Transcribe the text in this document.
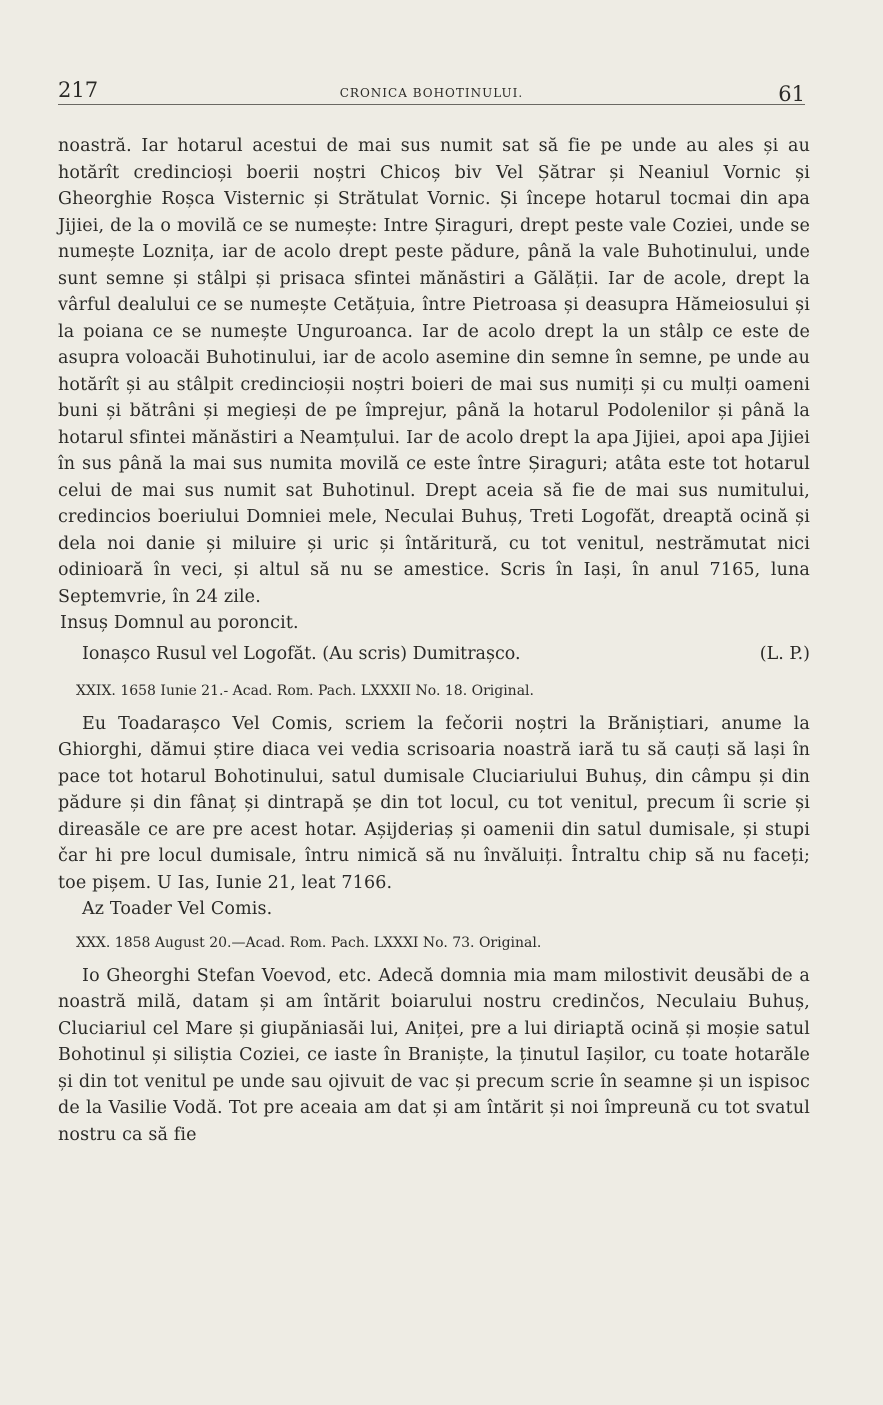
217	CRONICA BOHOTINULUI.	61

noastră. Iar hotarul acestui de mai sus numit sat să fie pe unde au ales și au hotărît credincioși boerii noștri Chicoș biv Vel Șătrar și Neaniul Vornic și Gheorghie Roșca Visternic și Strătulat Vornic. Și începe hotarul tocmai din apa Jijiei, de la o movilă ce se numește: Intre Șiraguri, drept peste vale Coziei, unde se numește Loznița, iar de acolo drept peste pădure, până la vale Buhotinului, unde sunt semne și stâlpi și prisaca sfintei mănăstiri a Gălății. Iar de acole, drept la vârful dealului ce se numește Cetățuia, între Pietroasa și deasupra Hămeiosului și la poiana ce se numește Unguroanca. Iar de acolo drept la un stâlp ce este de asupra voloacăi Buhotinului, iar de acolo asemine din semne în semne, pe unde au hotărît și au stâlpit credincioșii noștri boieri de mai sus numiți și cu mulți oameni buni și bătrâni și megieși de pe împrejur, până la hotarul Podolenilor și până la hotarul sfintei mănăstiri a Neamțului. Iar de acolo drept la apa Jijiei, apoi apa Jijiei în sus până la mai sus numita movilă ce este între Șiraguri; atâta este tot hotarul celui de mai sus numit sat Buhotinul. Drept aceia să fie de mai sus numitului, credincios boeriului Domniei mele, Neculai Buhuș, Treti Logofăt, dreaptă ocină și dela noi danie și miluire și uric și întăritură, cu tot venitul, nestrămutat nici odinioară în veci, și altul să nu se amestice. Scris în Iași, în anul 7165, luna Septemvrie, în 24 zile.
Insuș Domnul au poroncit.

Ionașco Rusul vel Logofăt. (Au scris) Dumitrașco.	(L. P.)
XXIX. 1658 Iunie 21.- Acad. Rom. Pach. LXXXII No. 18. Original.

Eu Toadarașco Vel Comis, scriem la fečorii noștri la Brăniștiari, anume la Ghiorghi, dămui știre diaca vei vedia scrisoaria noastră iară tu să cauți să lași în pace tot hotarul Bohotinului, satul dumisale Cluciariului Buhuș, din câmpu și din pădure și din fânaț și dintrapă șe din tot locul, cu tot venitul, precum îi scrie și direasăle ce are pre acest hotar. Așijderiaș și oamenii din satul dumisale, și stupi čar hi pre locul dumisale, întru nimică să nu învăluiți. Întraltu chip să nu faceți; toe pișem. U Ias, Iunie 21, leat 7166.
Az Toader Vel Comis.

XXX. 1858 August 20.—Acad. Rom. Pach. LXXXI No. 73. Original.

Io Gheorghi Stefan Voevod, etc. Adecă domnia mia mam milostivit deusăbi de a noastră milă, datam și am întărit boiarului nostru credinčos, Neculaiu Buhuș, Cluciariul cel Mare și giupăniasăi lui, Aniței, pre a lui diriaptă ocină și moșie satul Bohotinul și siliștia Coziei, ce iaste în Braniște, la ținutul Iașilor, cu toate hotarăle și din tot venitul pe unde sau ojivuit de vac și precum scrie în seamne și un ispisoc de la Vasilie Vodă. Tot pre aceaia am dat și am întărit și noi împreună cu tot svatul nostru ca să fie
